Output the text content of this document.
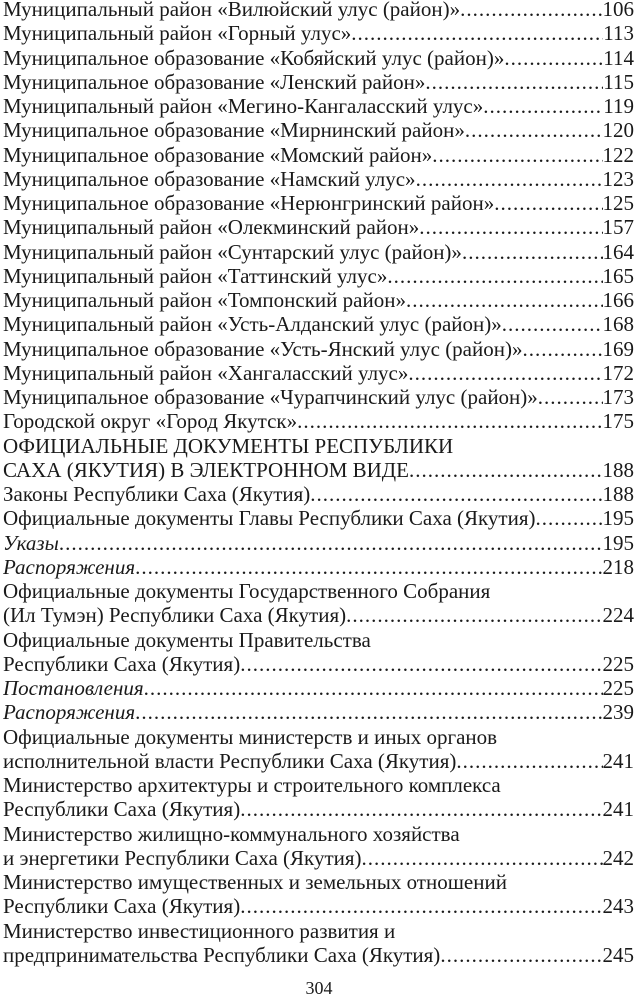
Муниципальный район «Вилюйский улус (район)» .....	106
Муниципальный район «Горный улус» .....	113
Муниципальное образование «Кобяйский улус (район)» .....	114
Муниципальное образование «Ленский район» .....	115
Муниципальный район «Мегино-Кангаласский улус» .....	119
Муниципальное образование «Мирнинский район» .....	120
Муниципальное образование «Момский район» .....	122
Муниципальное образование «Намский улус» .....	123
Муниципальное образование «Нерюнгринский район» .....	125
Муниципальный район «Олекминский район» .....	157
Муниципальный район «Сунтарский улус (район)» .....	164
Муниципальный район «Таттинский улус» .....	165
Муниципальный район «Томпонский район» .....	166
Муниципальный район «Усть-Алданский улус (район)» .....	168
Муниципальное образование «Усть-Янский улус (район)» .....	169
Муниципальный район «Хангаласский улус» .....	172
Муниципальное образование «Чурапчинский улус (район)» .....	173
Городской округ «Город Якутск» .....	175
ОФИЦИАЛЬНЫЕ ДОКУМЕНТЫ РЕСПУБЛИКИ
САХА (ЯКУТИЯ) В ЭЛЕКТРОННОМ ВИДЕ .....	188
Законы Республики Саха (Якутия) .....	188
Официальные документы Главы Республики Саха (Якутия) .....	195
Указы .....	195
Распоряжения .....	218
Официальные документы Государственного Собрания
(Ил Тумэн) Республики Саха (Якутия) .....	224
Официальные документы Правительства
Республики Саха (Якутия) .....	225
Постановления .....	225
Распоряжения .....	239
Официальные документы министерств и иных органов
исполнительной власти Республики Саха (Якутия) .....	241
Министерство архитектуры и строительного комплекса
Республики Саха (Якутия) .....	241
Министерство жилищно-коммунального хозяйства
и энергетики Республики Саха (Якутия) .....	242
Министерство имущественных и земельных отношений
Республики Саха (Якутия) .....	243
Министерство инвестиционного развития и
предпринимательства Республики Саха (Якутия) .....	245
304
